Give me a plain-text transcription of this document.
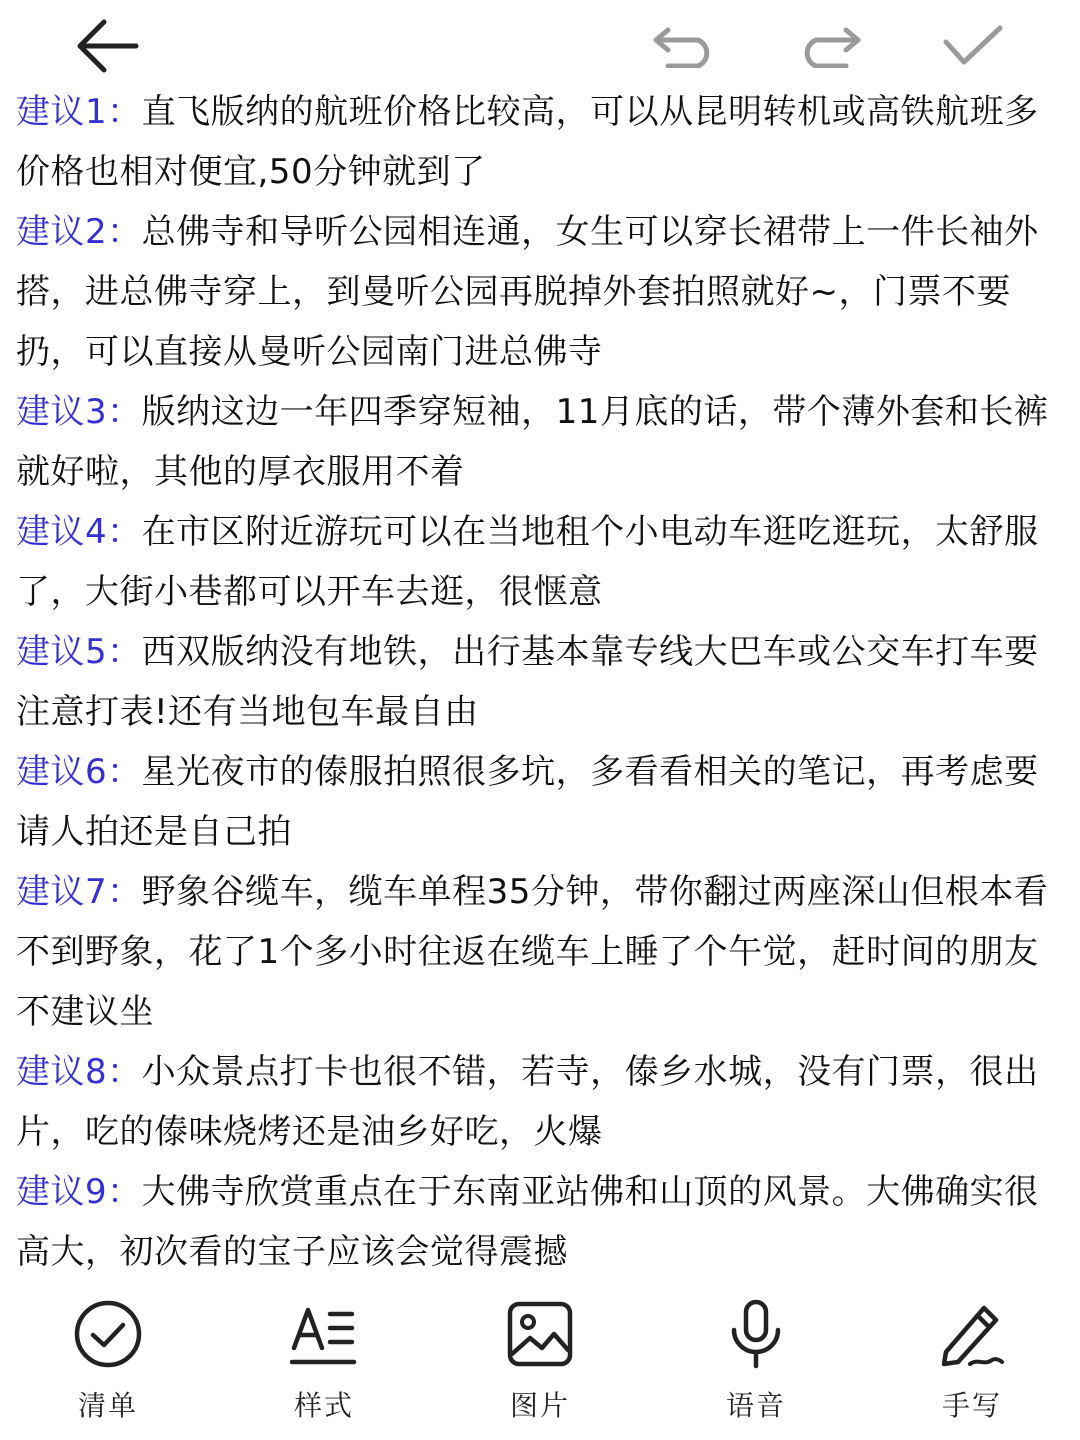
建议1：直飞版纳的航班价格比较高，可以从昆明转机或高铁航班多价格也相对便宜,50分钟就到了

建议2：总佛寺和导听公园相连通，女生可以穿长裙带上一件长袖外搭，进总佛寺穿上，到曼听公园再脱掉外套拍照就好~，门票不要扔，可以直接从曼听公园南门进总佛寺

建议3：版纳这边一年四季穿短袖，11月底的话，带个薄外套和长裤就好啦，其他的厚衣服用不着

建议4：在市区附近游玩可以在当地租个小电动车逛吃逛玩，太舒服了，大街小巷都可以开车去逛，很惬意

建议5：西双版纳没有地铁，出行基本靠专线大巴车或公交车打车要注意打表!还有当地包车最自由

建议6：星光夜市的傣服拍照很多坑，多看看相关的笔记，再考虑要请人拍还是自己拍

建议7：野象谷缆车，缆车单程35分钟，带你翻过两座深山但根本看不到野象，花了1个多小时往返在缆车上睡了个午觉，赶时间的朋友不建议坐

建议8：小众景点打卡也很不错，若寺，傣乡水城，没有门票，很出片，吃的傣味烧烤还是油乡好吃，火爆

建议9：大佛寺欣赏重点在于东南亚站佛和山顶的风景。大佛确实很高大，初次看的宝子应该会觉得震撼

清单	样式	图片	语音	手写
